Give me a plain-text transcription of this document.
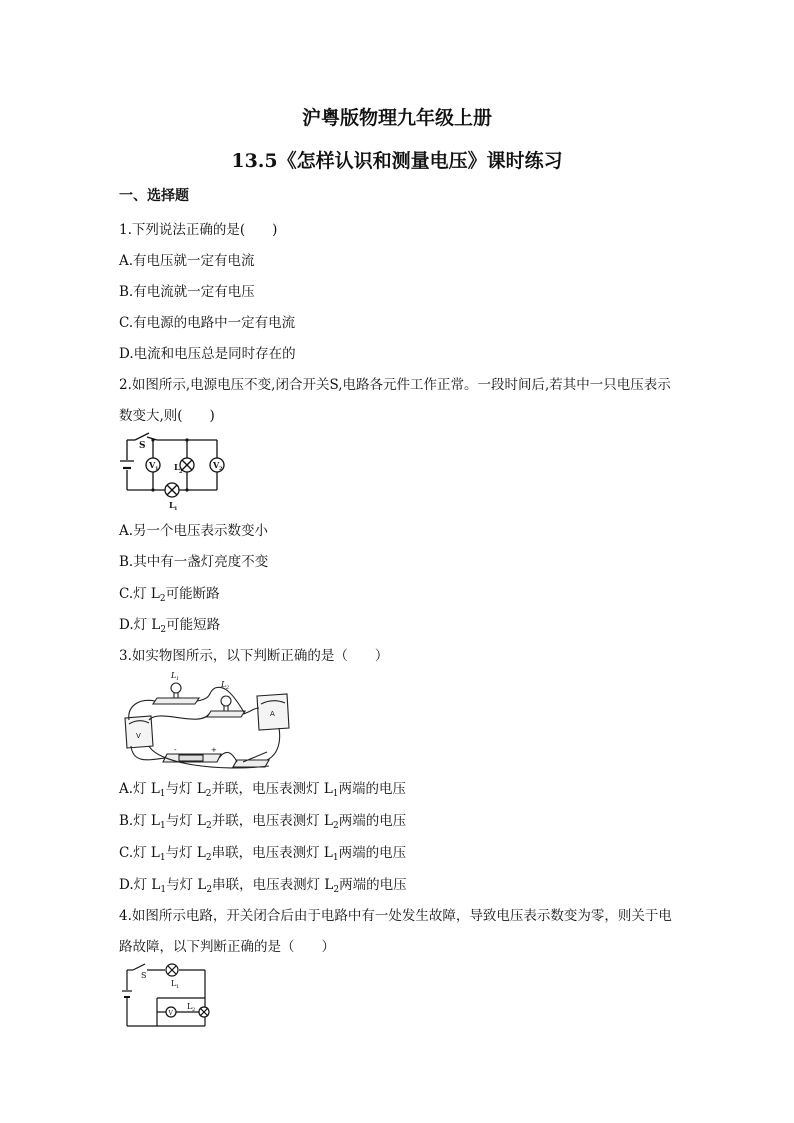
沪粤版物理九年级上册
13.5《怎样认识和测量电压》课时练习
一、选择题
1.下列说法正确的是(　　)
A.有电压就一定有电流
B.有电流就一定有电压
C.有电源的电路中一定有电流
D.电流和电压总是同时存在的
2.如图所示,电源电压不变,闭合开关S,电路各元件工作正常。一段时间后,若其中一只电压表示
数变大,则(　　)
S
V 1	V 2
L 2
L 1
A.另一个电压表示数变小
B.其中有一盏灯亮度不变
C.灯 $L_2$可能断路
D.灯 $L_2$可能短路
3.如实物图所示，以下判断正确的是（　　）
L 1
L 2
V
A
-	+
A.灯 $L_1$与灯 $L_2$并联，电压表测灯 $L_1$两端的电压
B.灯 $L_1$与灯 $L_2$并联，电压表测灯 $L_2$两端的电压
C.灯 $L_1$与灯 $L_2$串联，电压表测灯 $L_1$两端的电压
D.灯 $L_1$与灯 $L_2$串联，电压表测灯 $L_2$两端的电压
4.如图所示电路，开关闭合后由于电路中有一处发生故障，导致电压表示数变为零，则关于电
路故障，以下判断正确的是（　　）
S
L 1
L 2
V
